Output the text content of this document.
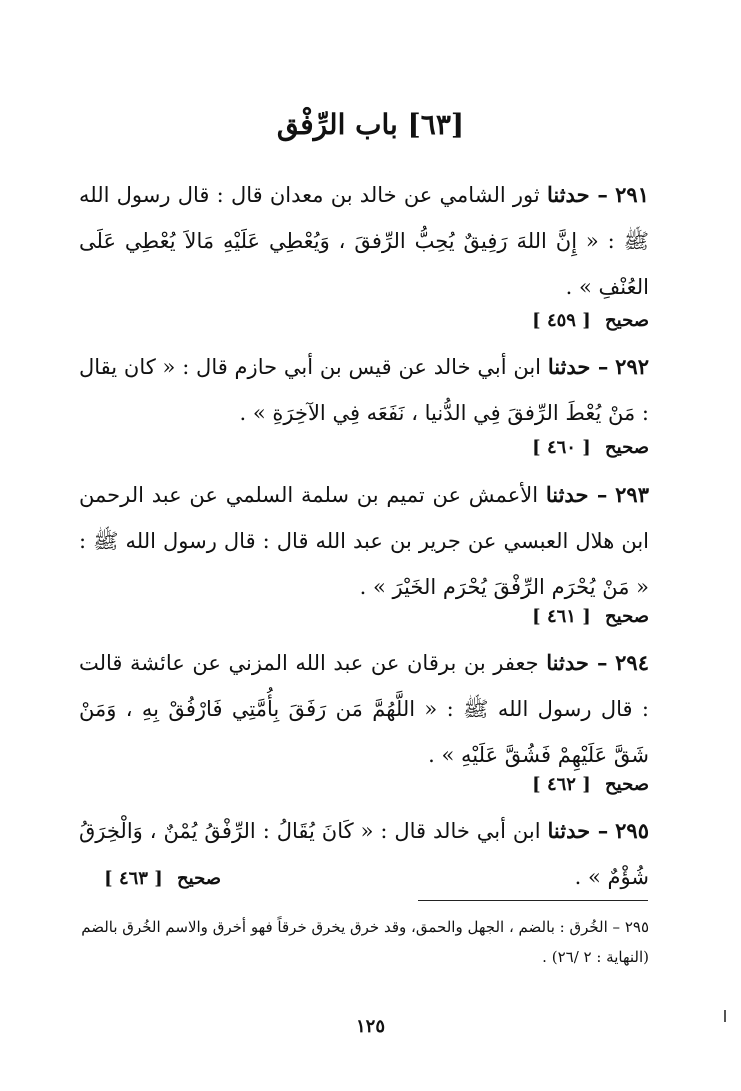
[٦٣] باب الرِّفْق
٢٩١ – حدثنا ثور الشامي عن خالد بن معدان قال : قال رسول الله ﷺ : « إِنَّ اللهَ رَفِيقٌ يُحِبُّ الرِّفقَ ، وَيُعْطِي عَلَيْهِ مَالاَ يُعْطِي عَلَى العُنْفِ » .
صحيح [ ٤٥٩ ]
٢٩٢ – حدثنا ابن أبي خالد عن قيس بن أبي حازم قال : « كان يقال : مَنْ يُعْطَ الرِّفقَ فِي الدُّنيا ، نَفَعَه فِي الآخِرَةِ » .
صحيح [ ٤٦٠ ]
٢٩٣ – حدثنا الأعمش عن تميم بن سلمة السلمي عن عبد الرحمن ابن هلال العبسي عن جرير بن عبد الله قال : قال رسول الله ﷺ : « مَنْ يُحْرَم الرِّفْقَ يُحْرَم الخَيْرَ » .
صحيح [ ٤٦١ ]
٢٩٤ – حدثنا جعفر بن برقان عن عبد الله المزني عن عائشة قالت : قال رسول الله ﷺ : « اللَّهُمَّ مَن رَفَقَ بِأُمَّتِي فَارْفُقْ بِهِ ، وَمَنْ شَقَّ عَلَيْهِمْ فَشُقَّ عَلَيْهِ » .
صحيح [ ٤٦٢ ]
٢٩٥ – حدثنا ابن أبي خالد قال : « كَانَ يُقَالُ : الرِّفْقُ يُمْنٌ ، وَالْخِرَقُ شُؤْمٌ » .
صحيح [ ٤٦٣ ]
٢٩٥ – الخُرق : بالضم ، الجهل والحمق، وقد خرق يخرق خرقاً فهو أخرق والاسم الخُرق بالضم (النهاية : ٢ /٢٦) .
١٢٥
